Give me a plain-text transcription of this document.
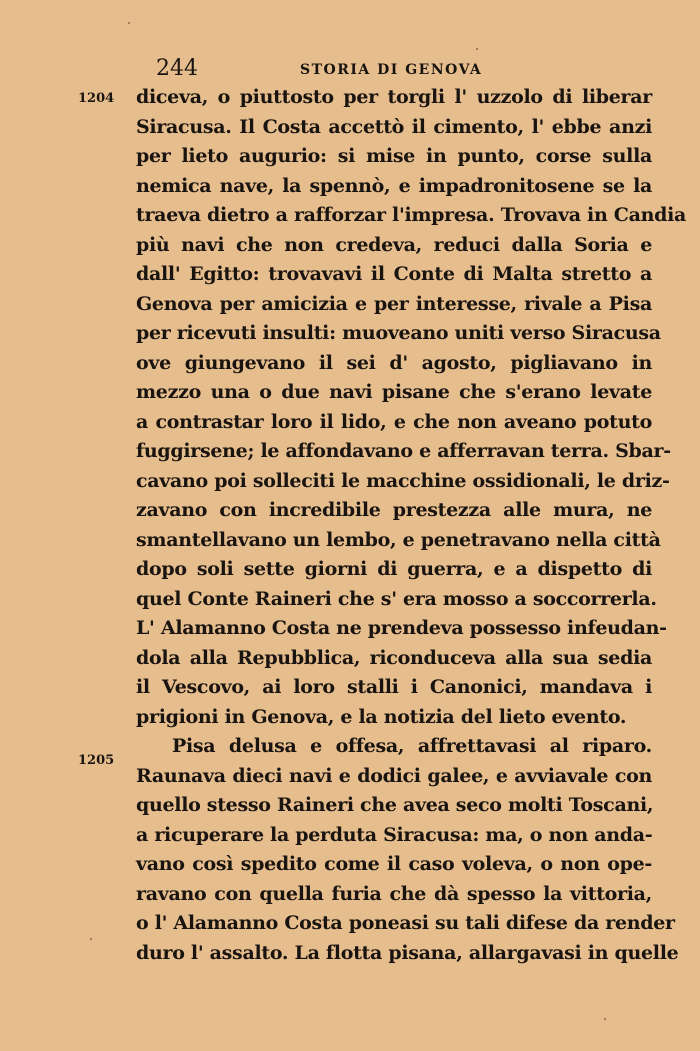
244	STORIA DI GENOVA
1204
1205
diceva, o piuttosto per torgli l' uzzolo di liberar
Siracusa. Il Costa accettò il cimento, l' ebbe anzi
per lieto augurio: si mise in punto, corse sulla
nemica nave, la spennò, e impadronitosene se la
traeva dietro a rafforzar l'impresa. Trovava in Candia
più navi che non credeva, reduci dalla Soria e
dall' Egitto: trovavavi il Conte di Malta stretto a
Genova per amicizia e per interesse, rivale a Pisa
per ricevuti insulti: muoveano uniti verso Siracusa
ove giungevano il sei d' agosto, pigliavano in
mezzo una o due navi pisane che s'erano levate
a contrastar loro il lido, e che non aveano potuto
fuggirsene; le affondavano e afferravan terra. Sbar-
cavano poi solleciti le macchine ossidionali, le driz-
zavano con incredibile prestezza alle mura, ne
smantellavano un lembo, e penetravano nella città
dopo soli sette giorni di guerra, e a dispetto di
quel Conte Raineri che s' era mosso a soccorrerla.
L' Alamanno Costa ne prendeva possesso infeudan-
dola alla Repubblica, riconduceva alla sua sedia
il Vescovo, ai loro stalli i Canonici, mandava i
prigioni in Genova, e la notizia del lieto evento.
Pisa delusa e offesa, affrettavasi al riparo.
Raunava dieci navi e dodici galee, e avviavale con
quello stesso Raineri che avea seco molti Toscani,
a ricuperare la perduta Siracusa: ma, o non anda-
vano così spedito come il caso voleva, o non ope-
ravano con quella furia che dà spesso la vittoria,
o l' Alamanno Costa poneasi su tali difese da render
duro l' assalto. La flotta pisana, allargavasi in quelle
